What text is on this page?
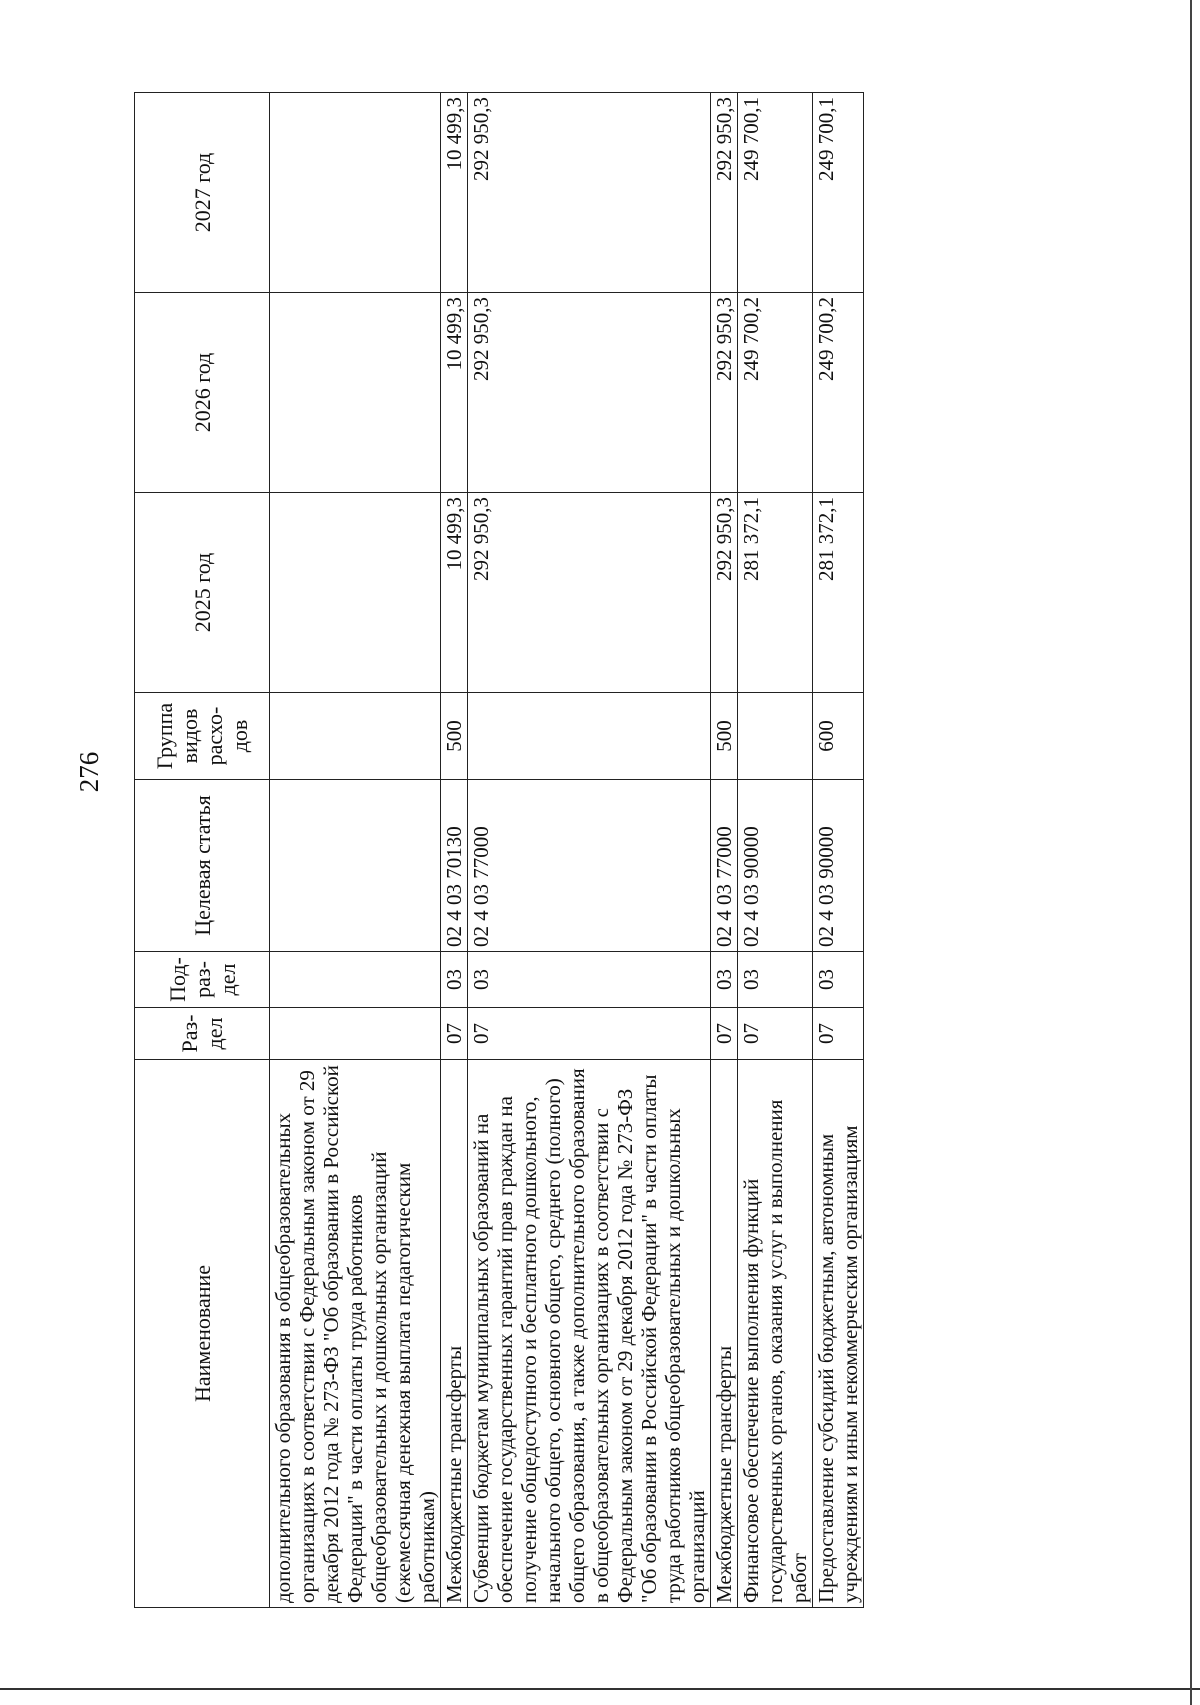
276
Наименование	Раз- дел	Под- раз- дел	Целевая статья	Группа видов расхо- дов	2025 год	2026 год	2027 год
дополнительного образования в общеобразовательных организациях в соответствии с Федеральным законом от 29 декабря 2012 года № 273-ФЗ "Об образовании в Российской Федерации" в части оплаты труда работников общеобразовательных и дошкольных организаций (ежемесячная денежная выплата педагогическим работникам)							
Межбюджетные трансферты	07	03	02 4 03 70130	500	10 499,3	10 499,3	10 499,3
Субвенции бюджетам муниципальных образований на обеспечение государственных гарантий прав граждан на получение общедоступного и бесплатного дошкольного, начального общего, основного общего, среднего (полного) общего образования, а также дополнительного образования в общеобразовательных организациях в соответствии с Федеральным законом от 29 декабря 2012 года № 273-ФЗ "Об образовании в Российской Федерации" в части оплаты труда работников общеобразовательных и дошкольных организаций	07	03	02 4 03 77000		292 950,3	292 950,3	292 950,3
Межбюджетные трансферты	07	03	02 4 03 77000	500	292 950,3	292 950,3	292 950,3
Финансовое обеспечение выполнения функций государственных органов, оказания услуг и выполнения работ	07	03	02 4 03 90000		281 372,1	249 700,2	249 700,1
Предоставление субсидий бюджетным, автономным учреждениям и иным некоммерческим организациям	07	03	02 4 03 90000	600	281 372,1	249 700,2	249 700,1
